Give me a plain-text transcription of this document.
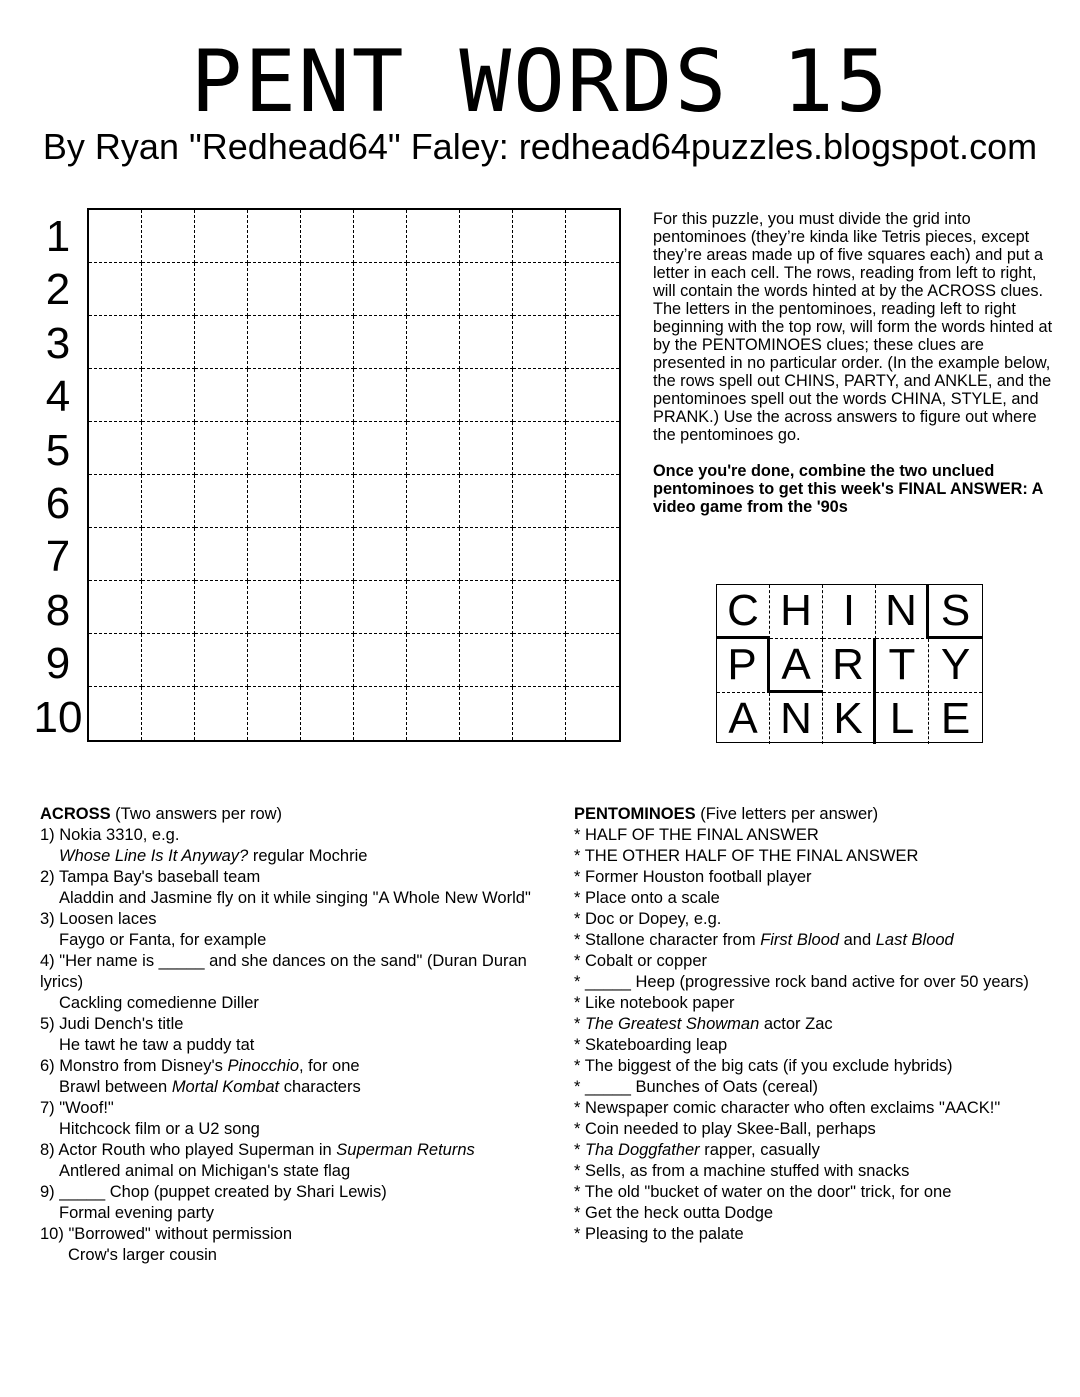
PENT WORDS 15
By Ryan "Redhead64" Faley: redhead64puzzles.blogspot.com
1
2
3
4
5
6
7
8
9
10

For this puzzle, you must divide the grid into pentominoes (they’re kinda like Tetris pieces, except they’re areas made up of five squares each) and put a letter in each cell. The rows, reading from left to right, will contain the words hinted at by the ACROSS clues. The letters in the pentominoes, reading left to right beginning with the top row, will form the words hinted at by the PENTOMINOES clues; these clues are presented in no particular order. (In the example below, the rows spell out CHINS, PARTY, and ANKLE, and the pentominoes spell out the words CHINA, STYLE, and PRANK.) Use the across answers to figure out where the pentominoes go.

Once you're done, combine the two unclued pentominoes to get this week's FINAL ANSWER: A video game from the '90s

C H I N S
P A R T Y
A N K L E
ACROSS (Two answers per row)
1) Nokia 3310, e.g.
Whose Line Is It Anyway? regular Mochrie
2) Tampa Bay's baseball team
Aladdin and Jasmine fly on it while singing "A Whole New World"
3) Loosen laces
Faygo or Fanta, for example
4) "Her name is _____ and she dances on the sand" (Duran Duran lyrics)
Cackling comedienne Diller
5) Judi Dench's title
He tawt he taw a puddy tat
6) Monstro from Disney's Pinocchio, for one
Brawl between Mortal Kombat characters
7) "Woof!"
Hitchcock film or a U2 song
8) Actor Routh who played Superman in Superman Returns
Antlered animal on Michigan's state flag
9) _____ Chop (puppet created by Shari Lewis)
Formal evening party
10) "Borrowed" without permission
Crow's larger cousin
PENTOMINOES (Five letters per answer)
* HALF OF THE FINAL ANSWER
* THE OTHER HALF OF THE FINAL ANSWER
* Former Houston football player
* Place onto a scale
* Doc or Dopey, e.g.
* Stallone character from First Blood and Last Blood
* Cobalt or copper
* _____ Heep (progressive rock band active for over 50 years)
* Like notebook paper
* The Greatest Showman actor Zac
* Skateboarding leap
* The biggest of the big cats (if you exclude hybrids)
* _____ Bunches of Oats (cereal)
* Newspaper comic character who often exclaims "AACK!"
* Coin needed to play Skee-Ball, perhaps
* Tha Doggfather rapper, casually
* Sells, as from a machine stuffed with snacks
* The old "bucket of water on the door" trick, for one
* Get the heck outta Dodge
* Pleasing to the palate
